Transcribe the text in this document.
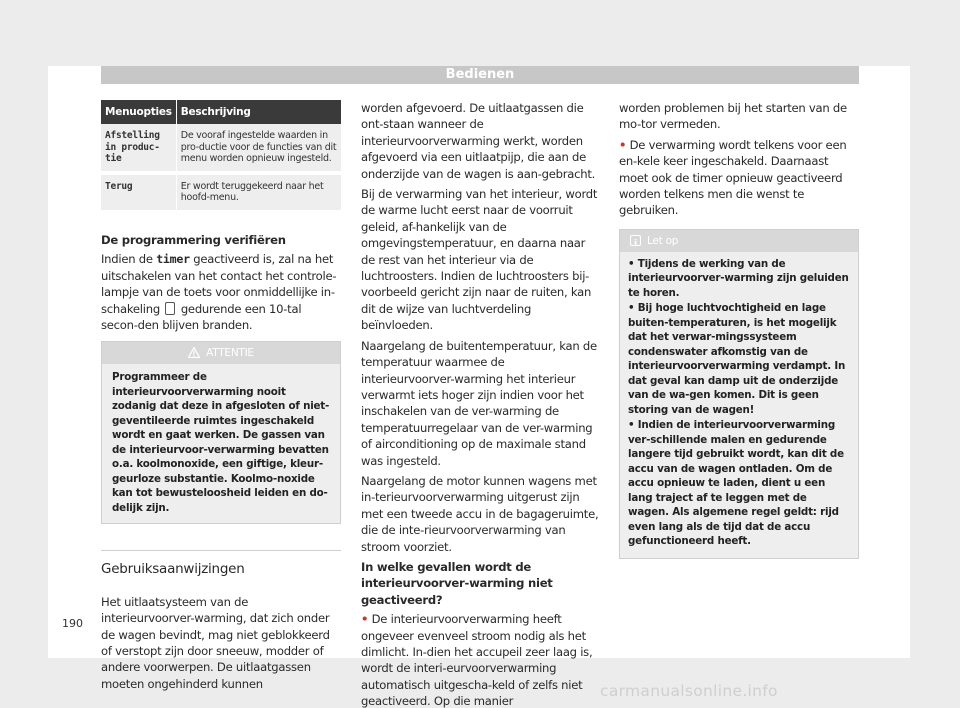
Bedienen
Menuopties	Beschrijving
Afstelling in produc-tie	De vooraf ingestelde waarden in pro-ductie voor de functies van dit menu worden opnieuw ingesteld.
Terug	Er wordt teruggekeerd naar het hoofd-menu.
De programmering verifiëren

Indien de timer geactiveerd is, zal na het uitschakelen van het contact het controle-lampje van de toets voor onmiddellijke in-schakeling gedurende een 10-tal secon-den blijven branden.

ATTENTIE
Programmeer de interieurvoorverwarming nooit zodanig dat deze in afgesloten of niet-geventileerde ruimtes ingeschakeld wordt en gaat werken. De gassen van de interieurvoor-verwarming bevatten o.a. koolmonoxide, een giftige, kleur- geurloze substantie. Koolmo-noxide kan tot bewusteloosheid leiden en do-delijk zijn.
Gebruiksaanwijzingen

Het uitlaatsysteem van de interieurvoorver-warming, dat zich onder de wagen bevindt, mag niet geblokkeerd of verstopt zijn door sneeuw, modder of andere voorwerpen. De uitlaatgassen moeten ongehinderd kunnen

worden afgevoerd. De uitlaatgassen die ont-staan wanneer de interieurvoorverwarming werkt, worden afgevoerd via een uitlaatpijp, die aan de onderzijde van de wagen is aan-gebracht.

Bij de verwarming van het interieur, wordt de warme lucht eerst naar de voorruit geleid, af-hankelijk van de omgevingstemperatuur, en daarna naar de rest van het interieur via de luchtroosters. Indien de luchtroosters bij-voorbeeld gericht zijn naar de ruiten, kan dit de wijze van luchtverdeling beïnvloeden.

Naargelang de buitentemperatuur, kan de temperatuur waarmee de interieurvoorver-warming het interieur verwarmt iets hoger zijn indien voor het inschakelen van de ver-warming de temperatuurregelaar van de ver-warming of airconditioning op de maximale stand was ingesteld.

Naargelang de motor kunnen wagens met in-terieurvoorverwarming uitgerust zijn met een tweede accu in de bagageruimte, die de inte-rieurvoorverwarming van stroom voorziet.

In welke gevallen wordt de interieurvoorver-warming niet geactiveerd?

• De interieurvoorverwarming heeft ongeveer evenveel stroom nodig als het dimlicht. In-dien het accupeil zeer laag is, wordt de interi-eurvoorverwarming automatisch uitgescha-keld of zelfs niet geactiveerd. Op die manier

worden problemen bij het starten van de mo-tor vermeden.

• De verwarming wordt telkens voor een en-kele keer ingeschakeld. Daarnaast moet ook de timer opnieuw geactiveerd worden telkens men die wenst te gebruiken.

iLet op

• Tijdens de werking van de interieurvoorver-warming zijn geluiden te horen.

• Bij hoge luchtvochtigheid en lage buiten-temperaturen, is het mogelijk dat het verwar-mingssysteem condenswater afkomstig van de interieurvoorverwarming verdampt. In dat geval kan damp uit de onderzijde van de wa-gen komen. Dit is geen storing van de wagen!

• Indien de interieurvoorverwarming ver-schillende malen en gedurende langere tijd gebruikt wordt, kan dit de accu van de wagen ontladen. Om de accu opnieuw te laden, dient u een lang traject af te leggen met de wagen. Als algemene regel geldt: rijd even lang als de tijd dat de accu gefunctioneerd heeft.

190
carmanualsonline.info
